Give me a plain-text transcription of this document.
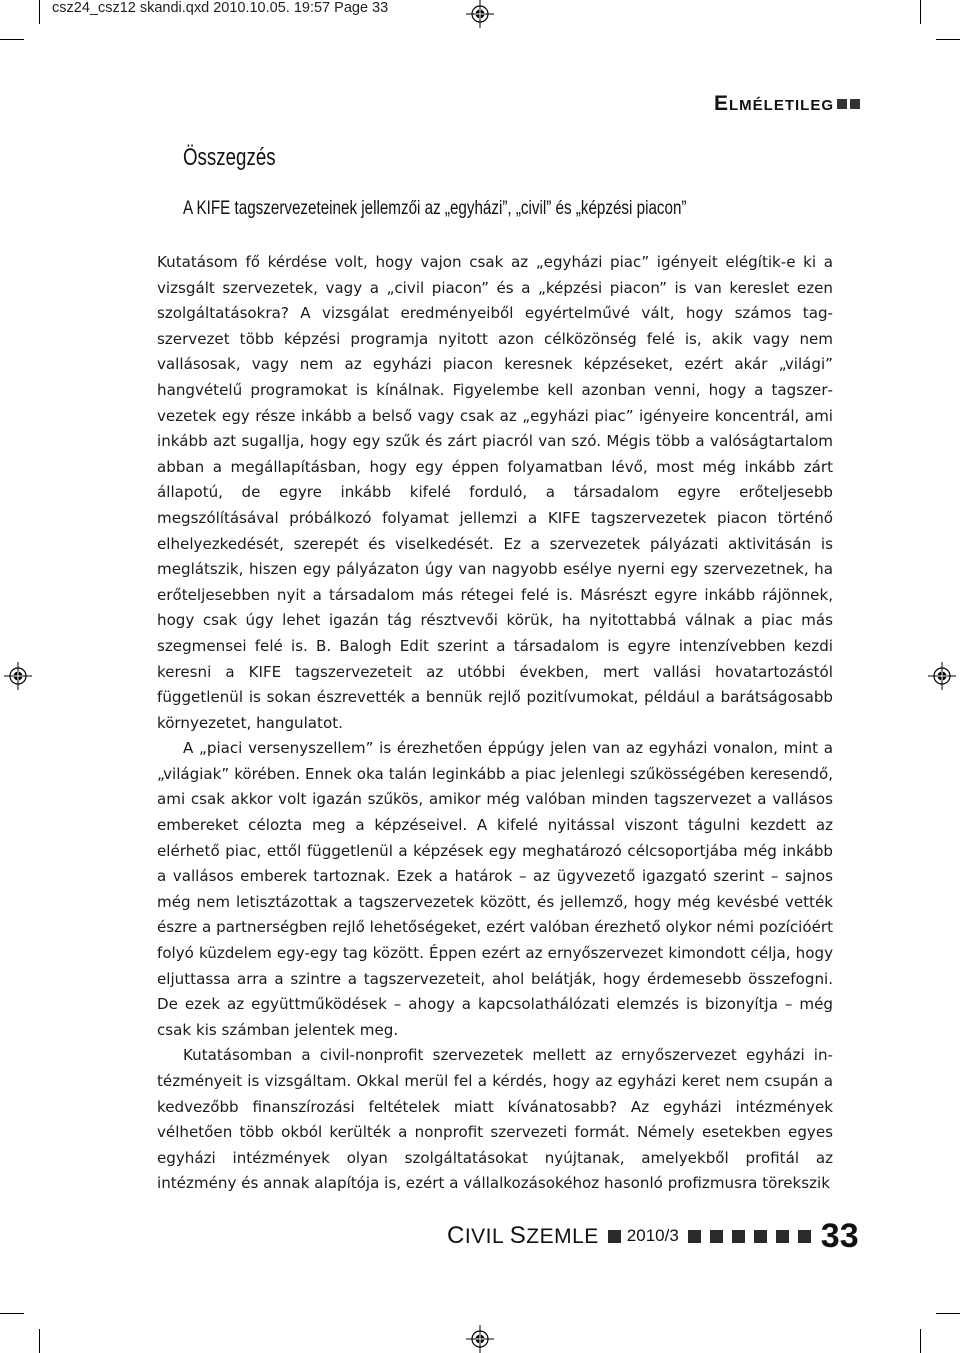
csz24_csz12 skandi.qxd 2010.10.05. 19:57 Page 33
Elméletileg
Összegzés
A KIFE tagszervezeteinek jellemzői az „egyházi”, „civil” és „képzési piacon”

Kutatásom fő kérdése volt, hogy vajon csak az „egyházi piac” igényeit elégítik-e ki a vizsgált szervezetek, vagy a „civil piacon” és a „képzési piacon” is van kereslet ezen szolgáltatásokra? A vizsgálat eredményeiből egyértelművé vált, hogy számos tagszervezet több képzési programja nyitott azon célközönség felé is, akik vagy nem vallásosak, vagy nem az egyházi piacon keresnek képzéseket, ezért akár „világi” hangvételű programokat is kínálnak. Figyelembe kell azonban venni, hogy a tagszervezetek egy része inkább a belső vagy csak az „egyházi piac” igényeire koncentrál, ami inkább azt sugallja, hogy egy szűk és zárt piacról van szó. Mégis több a valóságtartalom abban a megállapításban, hogy egy éppen folyamatban lévő, most még inkább zárt állapotú, de egyre inkább kifelé forduló, a társadalom egyre erőteljesebb megszólításával próbálkozó folyamat jellemzi a KIFE tagszervezetek piacon történő elhelyezkedését, szerepét és viselkedését. Ez a szervezetek pályázati aktivitásán is meglátszik, hiszen egy pályázaton úgy van nagyobb esélye nyerni egy szervezetnek, ha erőteljesebben nyit a társadalom más rétegei felé is. Másrészt egyre inkább rájönnek, hogy csak úgy lehet igazán tág résztvevői körük, ha nyitottabbá válnak a piac más szegmensei felé is. B. Balogh Edit szerint a társadalom is egyre intenzívebben kezdi keresni a KIFE tagszervezeteit az utóbbi években, mert vallási hovatartozástól függetlenül is sokan észrevették a bennük rejlő pozitívumokat, például a barátságosabb környezetet, hangulatot.

A „piaci versenyszellem” is érezhetően éppúgy jelen van az egyházi vonalon, mint a „világiak” körében. Ennek oka talán leginkább a piac jelenlegi szűkösségében keresendő, ami csak akkor volt igazán szűkös, amikor még valóban minden tagszervezet a vallásos embereket célozta meg a képzéseivel. A kifelé nyitással viszont tágulni kezdett az elérhető piac, ettől függetlenül a képzések egy meghatározó célcsoportjába még inkább a vallásos emberek tartoznak. Ezek a határok – az ügyvezető igazgató szerint – sajnos még nem letisztázottak a tagszervezetek között, és jellemző, hogy még kevésbé vették észre a partnerségben rejlő lehetőségeket, ezért valóban érezhető olykor némi pozícióért folyó küzdelem egy-egy tag között. Éppen ezért az ernyőszervezet kimondott célja, hogy eljuttassa arra a szintre a tagszervezeteit, ahol belátják, hogy érdemesebb összefogni. De ezek az együttműködések – ahogy a kapcsolathálózati elemzés is bizonyítja – még csak kis számban jelentek meg.

Kutatásomban a civil-nonprofit szervezetek mellett az ernyőszervezet egyházi intézményeit is vizsgáltam. Okkal merül fel a kérdés, hogy az egyházi keret nem csupán a kedvezőbb finanszírozási feltételek miatt kívánatosabb? Az egyházi intézmények vélhetően több okból kerülték a nonprofit szervezeti formát. Némely esetekben egyes egyházi intézmények olyan szolgáltatásokat nyújtanak, amelyekből profitál az intézmény és annak alapítója is, ezért a vállalkozásokéhoz hasonló profizmusra törekszik

CIVIL SZEMLE 2010/3	33
